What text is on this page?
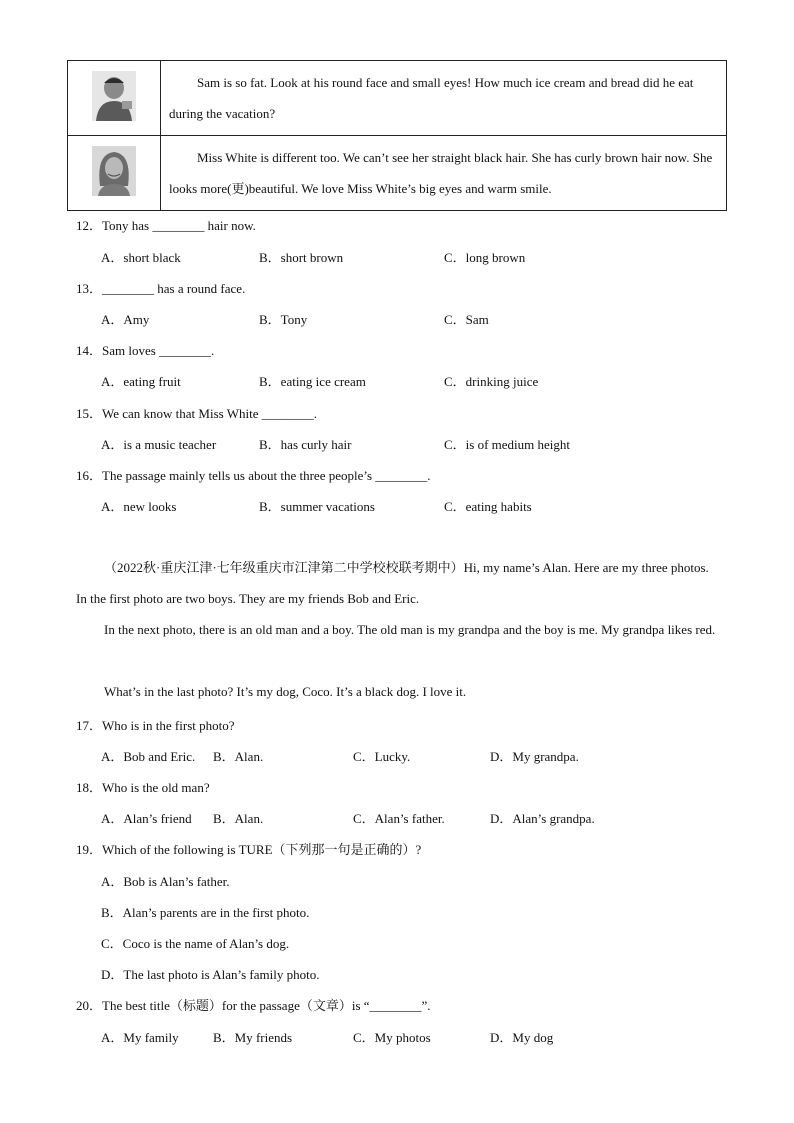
	Sam is so fat. Look at his round face and small eyes! How much ice cream and bread did he eat during the vacation?
	Miss White is different too. We can’t see her straight black hair. She has curly brown hair now. She looks more(更)beautiful. We love Miss White’s big eyes and warm smile.
12．Tony has ________ hair now.
A．short black	B．short brown	C．long brown
13．________ has a round face.
A．Amy	B．Tony	C．Sam
14．Sam loves ________.
A．eating fruit	B．eating ice cream	C．drinking juice
15．We can know that Miss White ________.
A．is a music teacher	B．has curly hair	C．is of medium height
16．The passage mainly tells us about the three people’s ________.
A．new looks	B．summer vacations	C．eating habits
（2022秋·重庆江津·七年级重庆市江津第二中学校校联考期中）Hi, my name’s Alan. Here are my three photos. In the first photo are two boys. They are my friends Bob and Eric.
In the next photo, there is an old man and a boy. The old man is my grandpa and the boy is me. My grandpa likes red.
What’s in the last photo? It’s my dog, Coco. It’s a black dog. I love it.
17．Who is in the first photo?
A．Bob and Eric. B．Alan.	C．Lucky.	D．My grandpa.
18．Who is the old man?
A．Alan’s friend B．Alan.	C．Alan’s father.	D．Alan’s grandpa.
19．Which of the following is TURE（下列那一句是正确的）?
A．Bob is Alan’s father.
B．Alan’s parents are in the first photo.
C．Coco is the name of Alan’s dog.
D．The last photo is Alan’s family photo.
20．The best title（标题）for the passage（文章）is “________”.
A．My family	B．My friends	C．My photos	D．My dog
